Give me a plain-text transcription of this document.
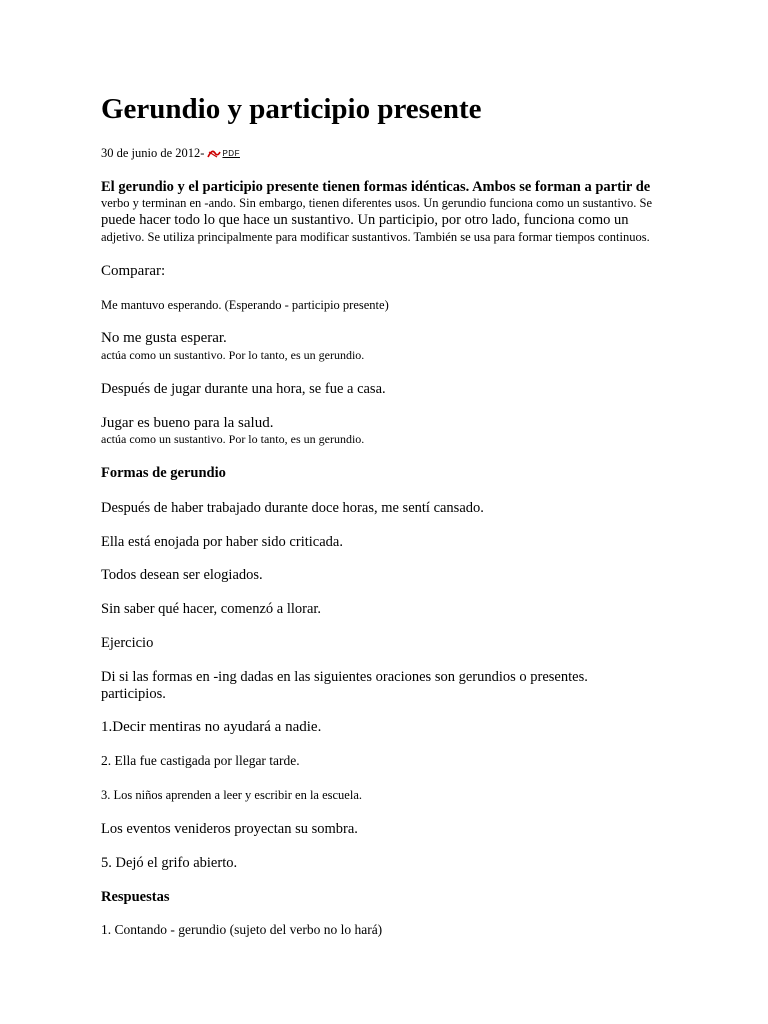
Gerundio y participio presente
30 de junio de 2012 - PDF
El gerundio y el participio presente tienen formas idénticas. Ambos se forman a partir de
verbo y terminan en -ando. Sin embargo, tienen diferentes usos. Un gerundio funciona como un sustantivo. Se
puede hacer todo lo que hace un sustantivo. Un participio, por otro lado, funciona como un
adjetivo. Se utiliza principalmente para modificar sustantivos. También se usa para formar tiempos continuos.
Comparar:
Me mantuvo esperando. (Esperando - participio presente)
No me gusta esperar.
actúa como un sustantivo. Por lo tanto, es un gerundio.
Después de jugar durante una hora, se fue a casa.
Jugar es bueno para la salud.
actúa como un sustantivo. Por lo tanto, es un gerundio.
Formas de gerundio
Después de haber trabajado durante doce horas, me sentí cansado.
Ella está enojada por haber sido criticada.
Todos desean ser elogiados.
Sin saber qué hacer, comenzó a llorar.
Ejercicio
Di si las formas en -ing dadas en las siguientes oraciones son gerundios o presentes.
participios.
1.Decir mentiras no ayudará a nadie.
2. Ella fue castigada por llegar tarde.
3. Los niños aprenden a leer y escribir en la escuela.
Los eventos venideros proyectan su sombra.
5. Dejó el grifo abierto.
Respuestas
1. Contando - gerundio (sujeto del verbo no lo hará)
